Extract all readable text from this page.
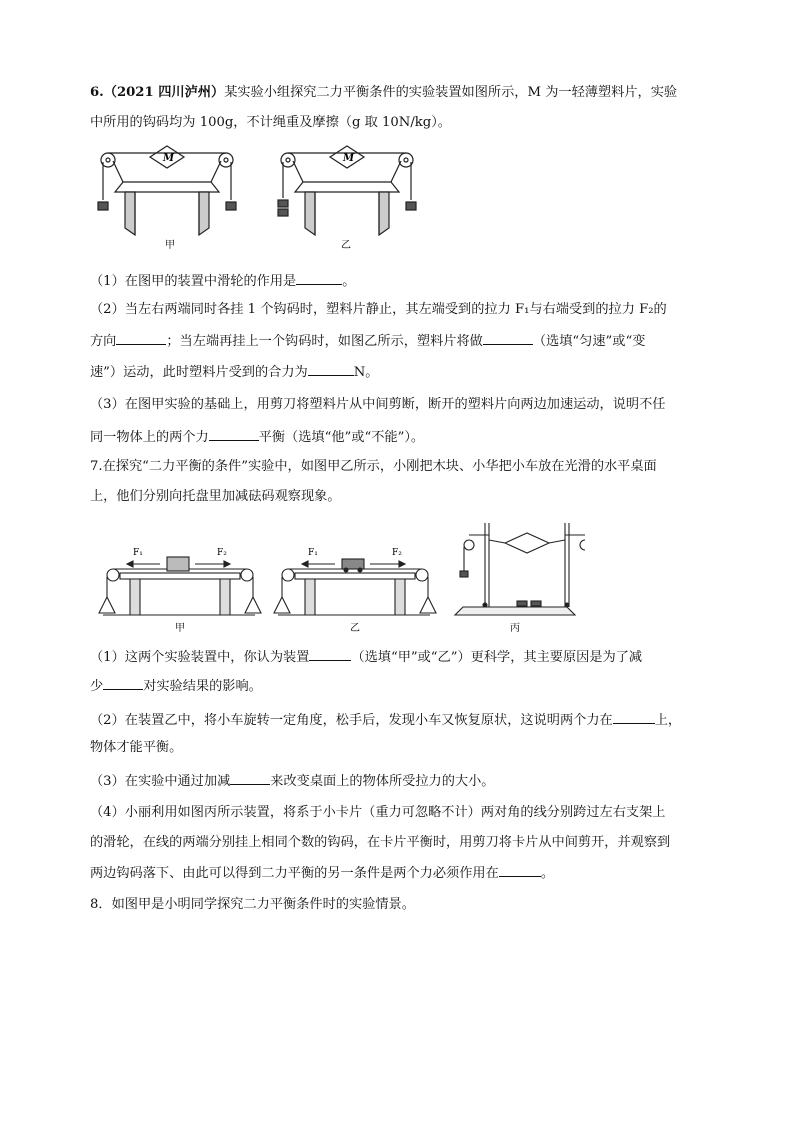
6.（2021 四川泸州）某实验小组探究二力平衡条件的实验装置如图所示，M 为一轻薄塑料片，实验
中所用的钩码均为 100g，不计绳重及摩擦（g 取 10N/kg）。
M	M
甲	乙
（1）在图甲的装置中滑轮的作用是	。
（2）当左右两端同时各挂 1 个钩码时，塑料片静止，其左端受到的拉力 F₁与右端受到的拉力 F₂的
方向	；当左端再挂上一个钩码时，如图乙所示，塑料片将做	（选填“匀速”或“变
速”）运动，此时塑料片受到的合力为	N。
（3）在图甲实验的基础上，用剪刀将塑料片从中间剪断，断开的塑料片向两边加速运动，说明不任
同一物体上的两个力	平衡（选填“他”或“不能”）。
7.在探究“二力平衡的条件”实验中，如图甲乙所示，小刚把木块、小华把小车放在光滑的水平桌面
上，他们分别向托盘里加减砝码观察现象。
F₁	F₂	F₁	F₂
甲	乙	丙
（1）这两个实验装置中，你认为装置	（选填“甲”或“乙”）更科学，其主要原因是为了减
少	对实验结果的影响。
（2）在装置乙中，将小车旋转一定角度，松手后，发现小车又恢复原状，这说明两个力在	上，
物体才能平衡。
（3）在实验中通过加减	来改变桌面上的物体所受拉力的大小。
（4）小丽利用如图丙所示装置，将系于小卡片（重力可忽略不计）两对角的线分别跨过左右支架上
的滑轮，在线的两端分别挂上相同个数的钩码，在卡片平衡时，用剪刀将卡片从中间剪开，并观察到
两边钩码落下、由此可以得到二力平衡的另一条件是两个力必须作用在	。
8．如图甲是小明同学探究二力平衡条件时的实验情景。
